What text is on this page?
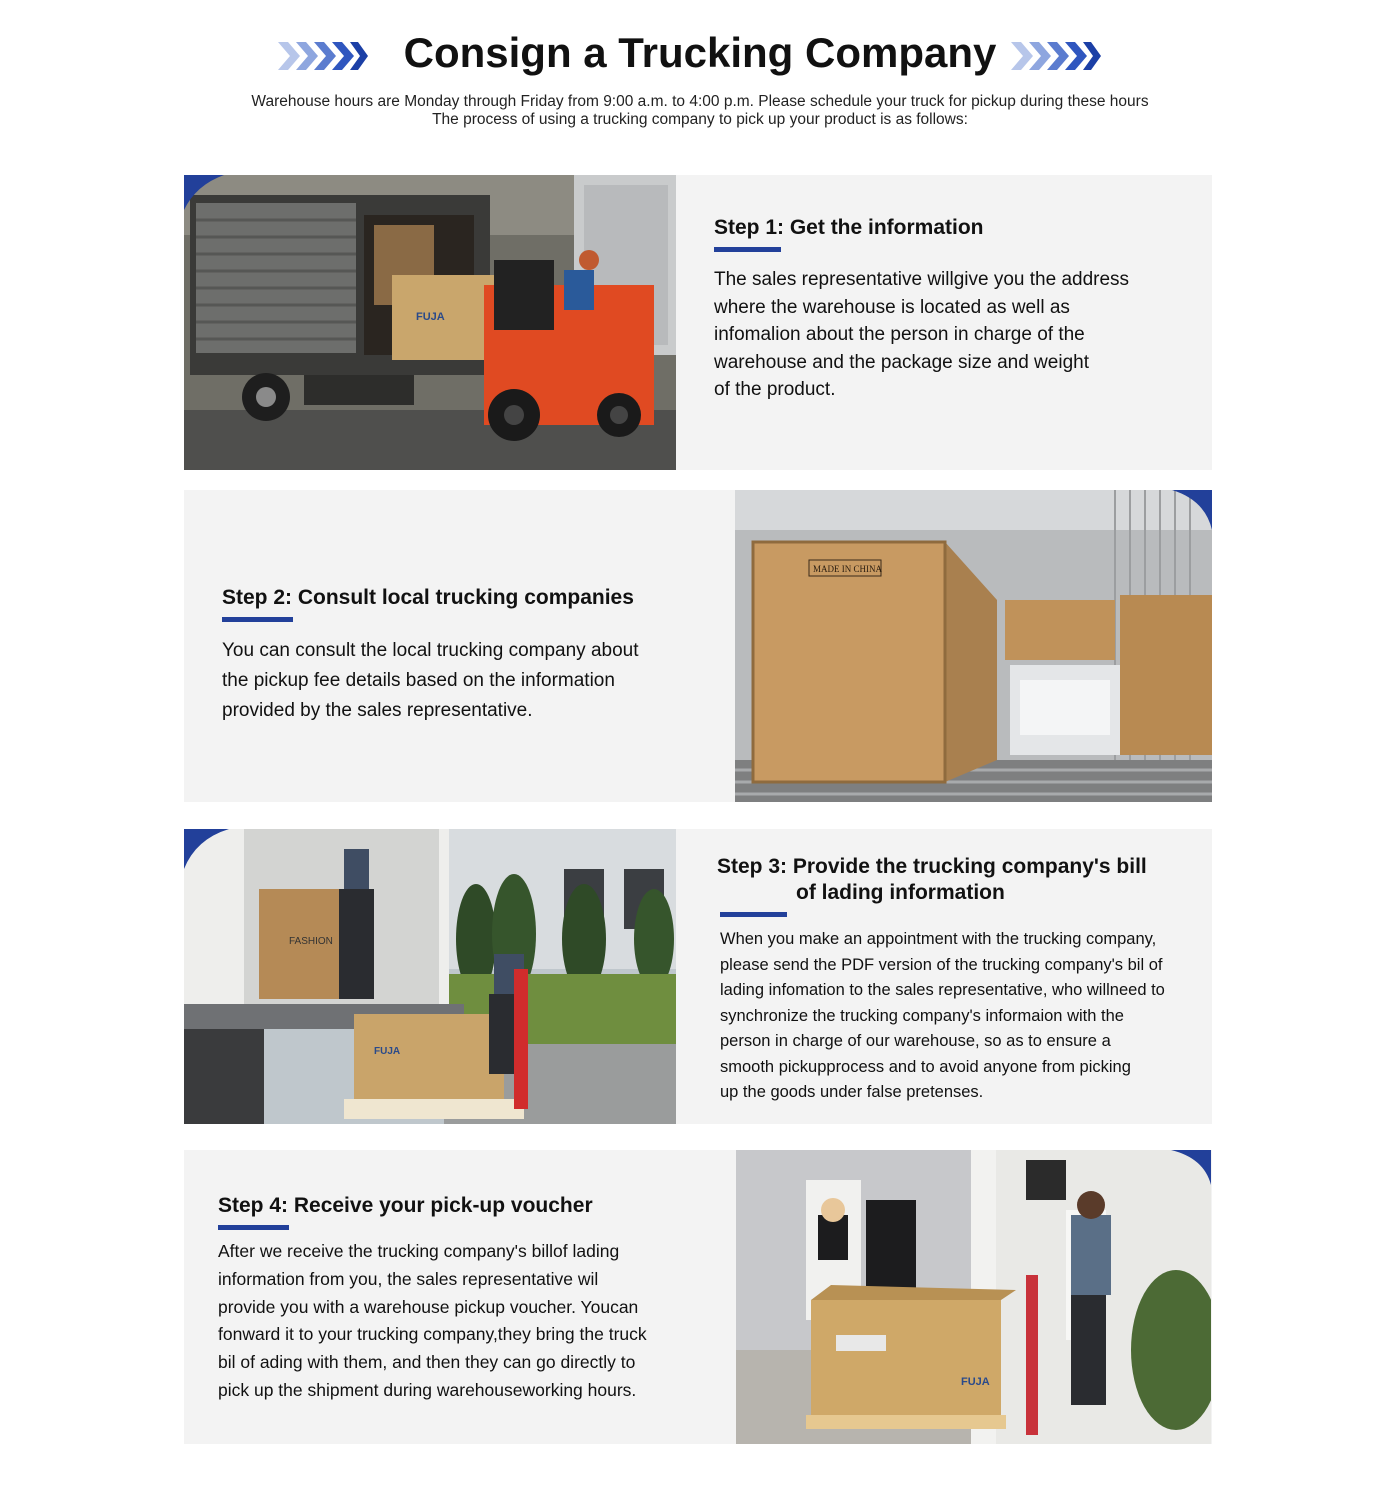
Consign a Trucking Company
Warehouse hours are Monday through Friday from 9:00 a.m. to 4:00 p.m. Please schedule your truck for pickup during these hours
The process of using a trucking company to pick up your product is as follows:
FUJA
Step 1: Get the information
The sales representative willgive you the address
where the warehouse is located as well as
infomalion about the person in charge of the
warehouse and the package size and weight
of the product.
Step 2: Consult local trucking companies
You can consult the local trucking company about
the pickup fee details based on the information
provided by the sales representative.
MADE IN CHINA
FASHION
FUJA
Step 3: Provide the trucking company's bill
of lading information
When you make an appointment with the trucking company,
please send the PDF version of the trucking company's bil of
lading infomation to the sales representative, who willneed to
synchronize the trucking company's informaion with the
person in charge of our warehouse, so as to ensure a
smooth pickupprocess and to avoid anyone from picking
up the goods under false pretenses.
Step 4: Receive your pick-up voucher
After we receive the trucking company's billof lading
information from you, the sales representative wil
provide you with a warehouse pickup voucher. Youcan
fonward it to your trucking company,they bring the truck
bil of ading with them, and then they can go directly to
pick up the shipment during warehouseworking hours.	FUJA
